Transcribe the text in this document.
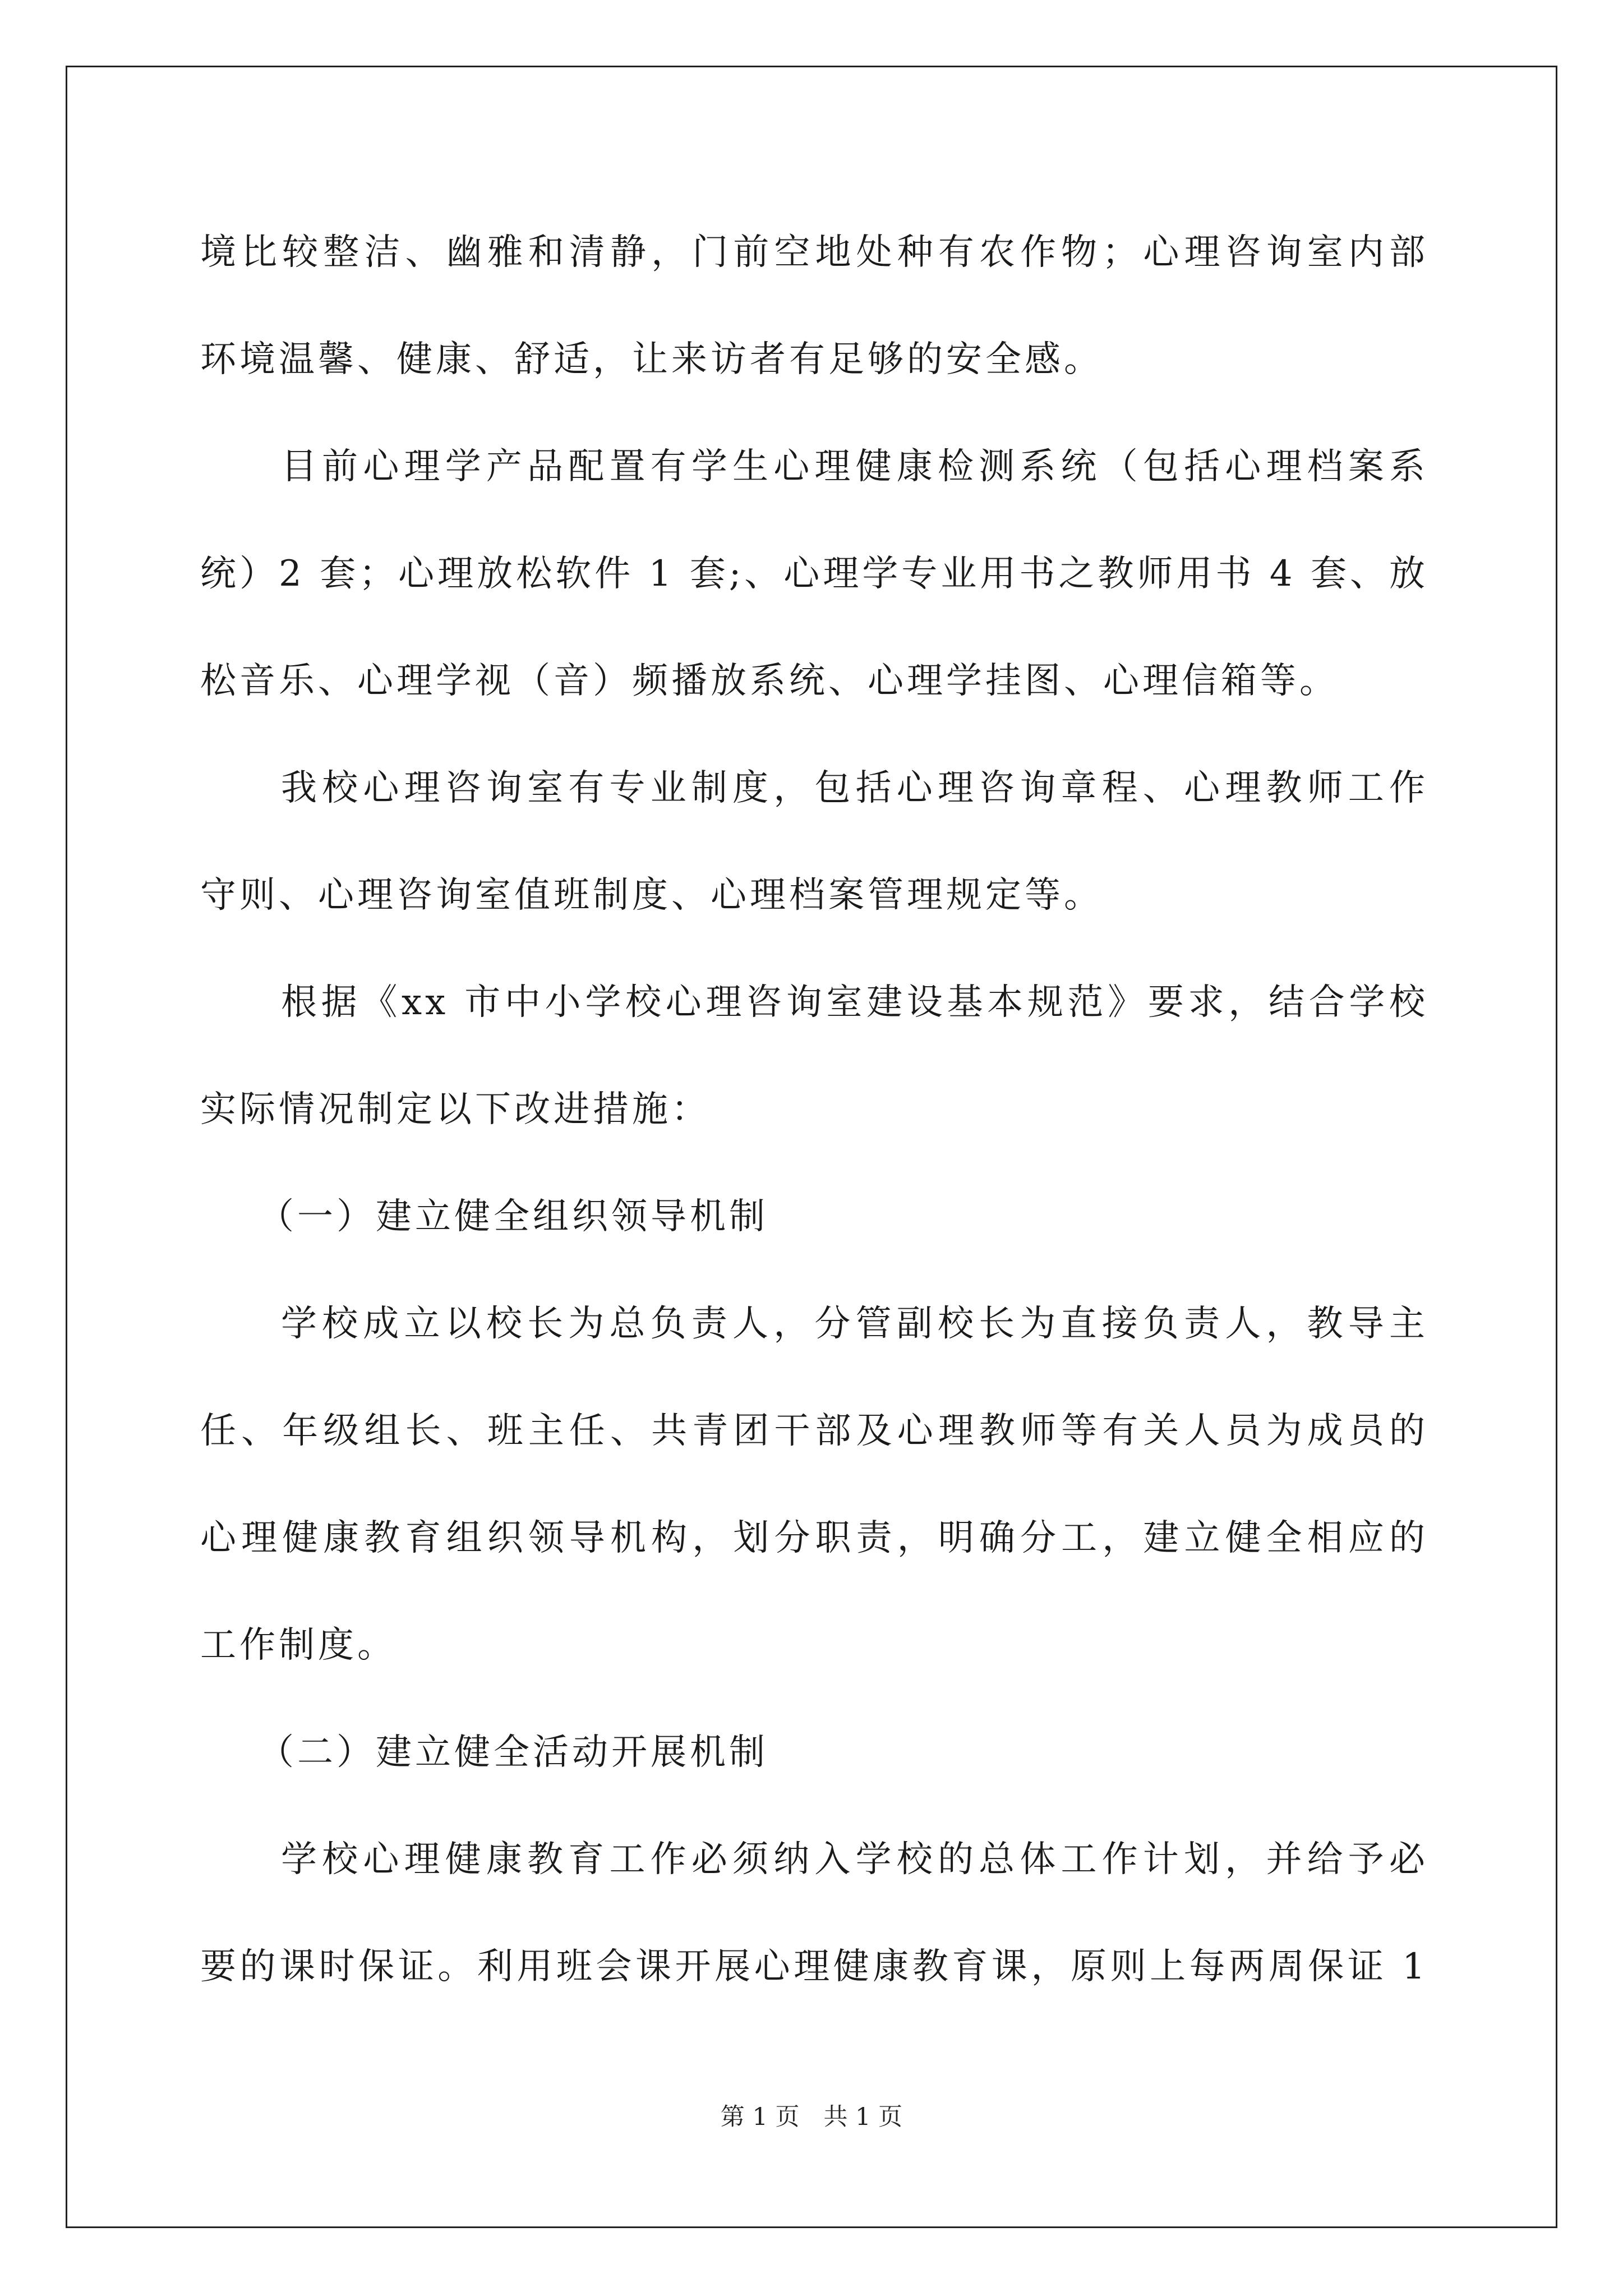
境比较整洁、幽雅和清静，门前空地处种有农作物；心理咨询室内部
环境温馨、健康、舒适，让来访者有足够的安全感。
目前心理学产品配置有学生心理健康检测系统（包括心理档案系
统）2 套；心理放松软件 1 套;、心理学专业用书之教师用书 4 套、放
松音乐、心理学视（音）频播放系统、心理学挂图、心理信箱等。
我校心理咨询室有专业制度，包括心理咨询章程、心理教师工作
守则、心理咨询室值班制度、心理档案管理规定等。
根据《xx 市中小学校心理咨询室建设基本规范》要求，结合学校
实际情况制定以下改进措施：
（一）建立健全组织领导机制
学校成立以校长为总负责人，分管副校长为直接负责人，教导主
任、年级组长、班主任、共青团干部及心理教师等有关人员为成员的
心理健康教育组织领导机构，划分职责，明确分工，建立健全相应的
工作制度。
（二）建立健全活动开展机制
学校心理健康教育工作必须纳入学校的总体工作计划，并给予必
要的课时保证。利用班会课开展心理健康教育课，原则上每两周保证 1
第 1 页　共 1 页
